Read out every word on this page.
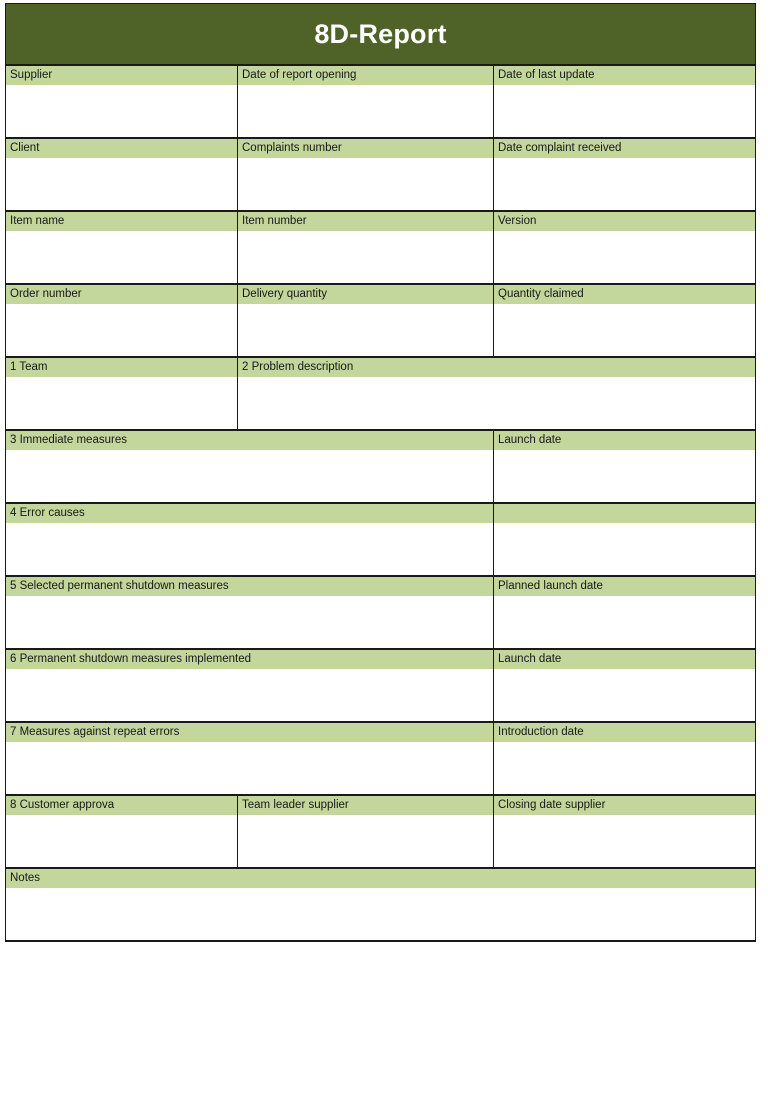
8D-Report		
Supplier	Date of report opening	Date of last update

Client	Complaints number	Date complaint received

Item name	Item number	Version

Order number	Delivery quantity	Quantity claimed

1 Team	2 Problem description	

3 Immediate measures		Launch date

4 Error causes		

5 Selected permanent shutdown measures		Planned launch date

6 Permanent shutdown measures implemented		Launch date

7 Measures against repeat errors		Introduction date

8 Customer approva	Team leader supplier	Closing date supplier

Notes		
